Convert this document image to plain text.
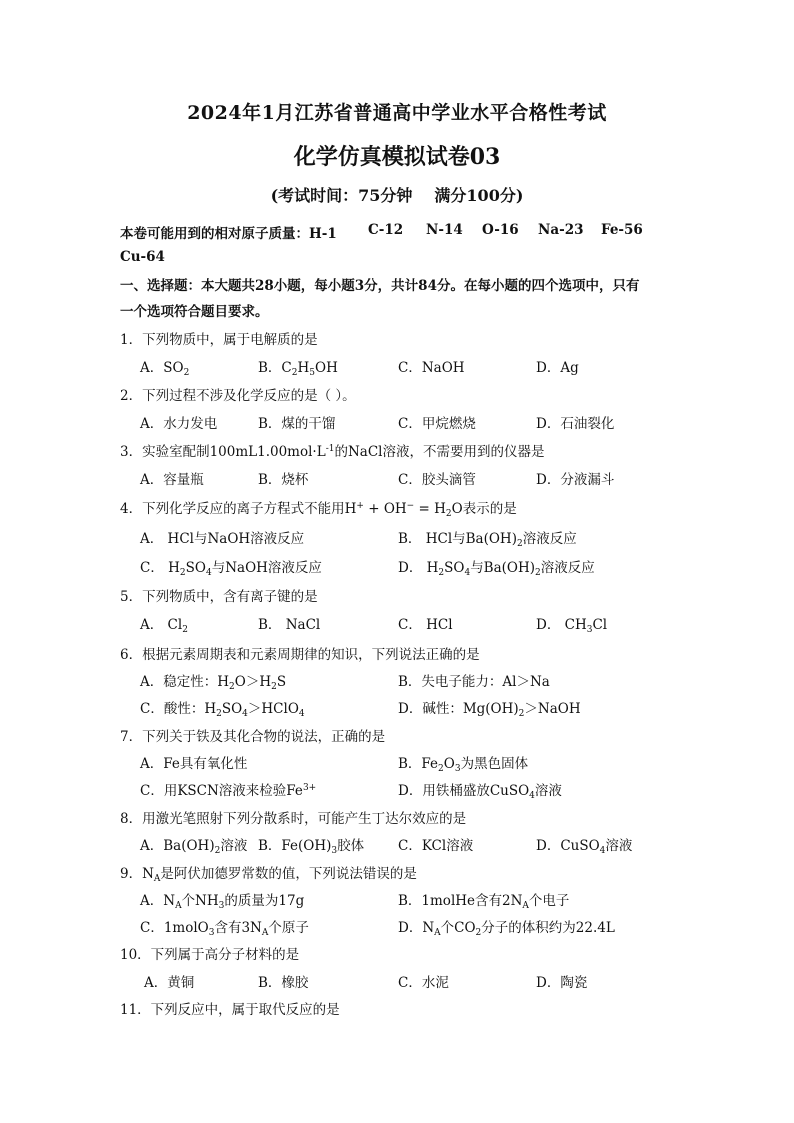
2024年1月江苏省普通高中学业水平合格性考试
化学仿真模拟试卷03
(考试时间：75分钟 满分100分)
本卷可能用到的相对原子质量：H-1 C-12 N-14 O-16 Na-23 Fe-56
Cu-64
一、选择题：本大题共28小题，每小题3分，共计84分。在每小题的四个选项中，只有
一个选项符合题目要求。
1．下列物质中，属于电解质的是
A．$SO_2$	B．$C_2H_5OH$	C．NaOH	D．Ag
2．下列过程不涉及化学反应的是（ ）。
A．水力发电	B．煤的干馏	C．甲烷燃烧	D．石油裂化
3．实验室配制$100mL1.00mol\cdot L^{-1}$的NaCl溶液，不需要用到的仪器是
A．容量瓶	B．烧杯	C．胶头滴管	D．分液漏斗
4．下列化学反应的离子方程式不能用$H^+ + OH^- = H_2O$表示的是
A． HCl与NaOH溶液反应	B． HCl与$Ba(OH)_2$溶液反应
C． $H_2SO_4$与NaOH溶液反应	D． $H_2SO_4$与$Ba(OH)_2$溶液反应
5．下列物质中，含有离子键的是
A． $Cl_2$	B． NaCl	C． HCl	D． $CH_3Cl$
6．根据元素周期表和元素周期律的知识，下列说法正确的是
A．稳定性：$H_2O>H_2S$	B．失电子能力：Al＞Na
C．酸性：$H_2SO_4>HClO_4$	D．碱性：$Mg(OH)_2>NaOH$
7．下列关于铁及其化合物的说法，正确的是
A．Fe具有氧化性	B．$Fe_2O_3$为黑色固体
C．用KSCN溶液来检验$Fe^{3+}$	D．用铁桶盛放CuSO$_4$溶液
8．用激光笔照射下列分散系时，可能产生丁达尔效应的是
A．$Ba(OH)_2$溶液 B．$Fe(OH)_3$胶体	C．KCl溶液	D．CuSO$_4$溶液
9．$N_A$是阿伏加德罗常数的值，下列说法错误的是
A．$N_A$个$NH_3$的质量为17g	B．1molHe含有$2N_A$个电子
C．1molO$_3$含有$3N_A$个原子	D．$N_A$个$CO_2$分子的体积约为22.4L
10．下列属于高分子材料的是
A．黄铜	B．橡胶	C．水泥	D．陶瓷
11．下列反应中，属于取代反应的是
